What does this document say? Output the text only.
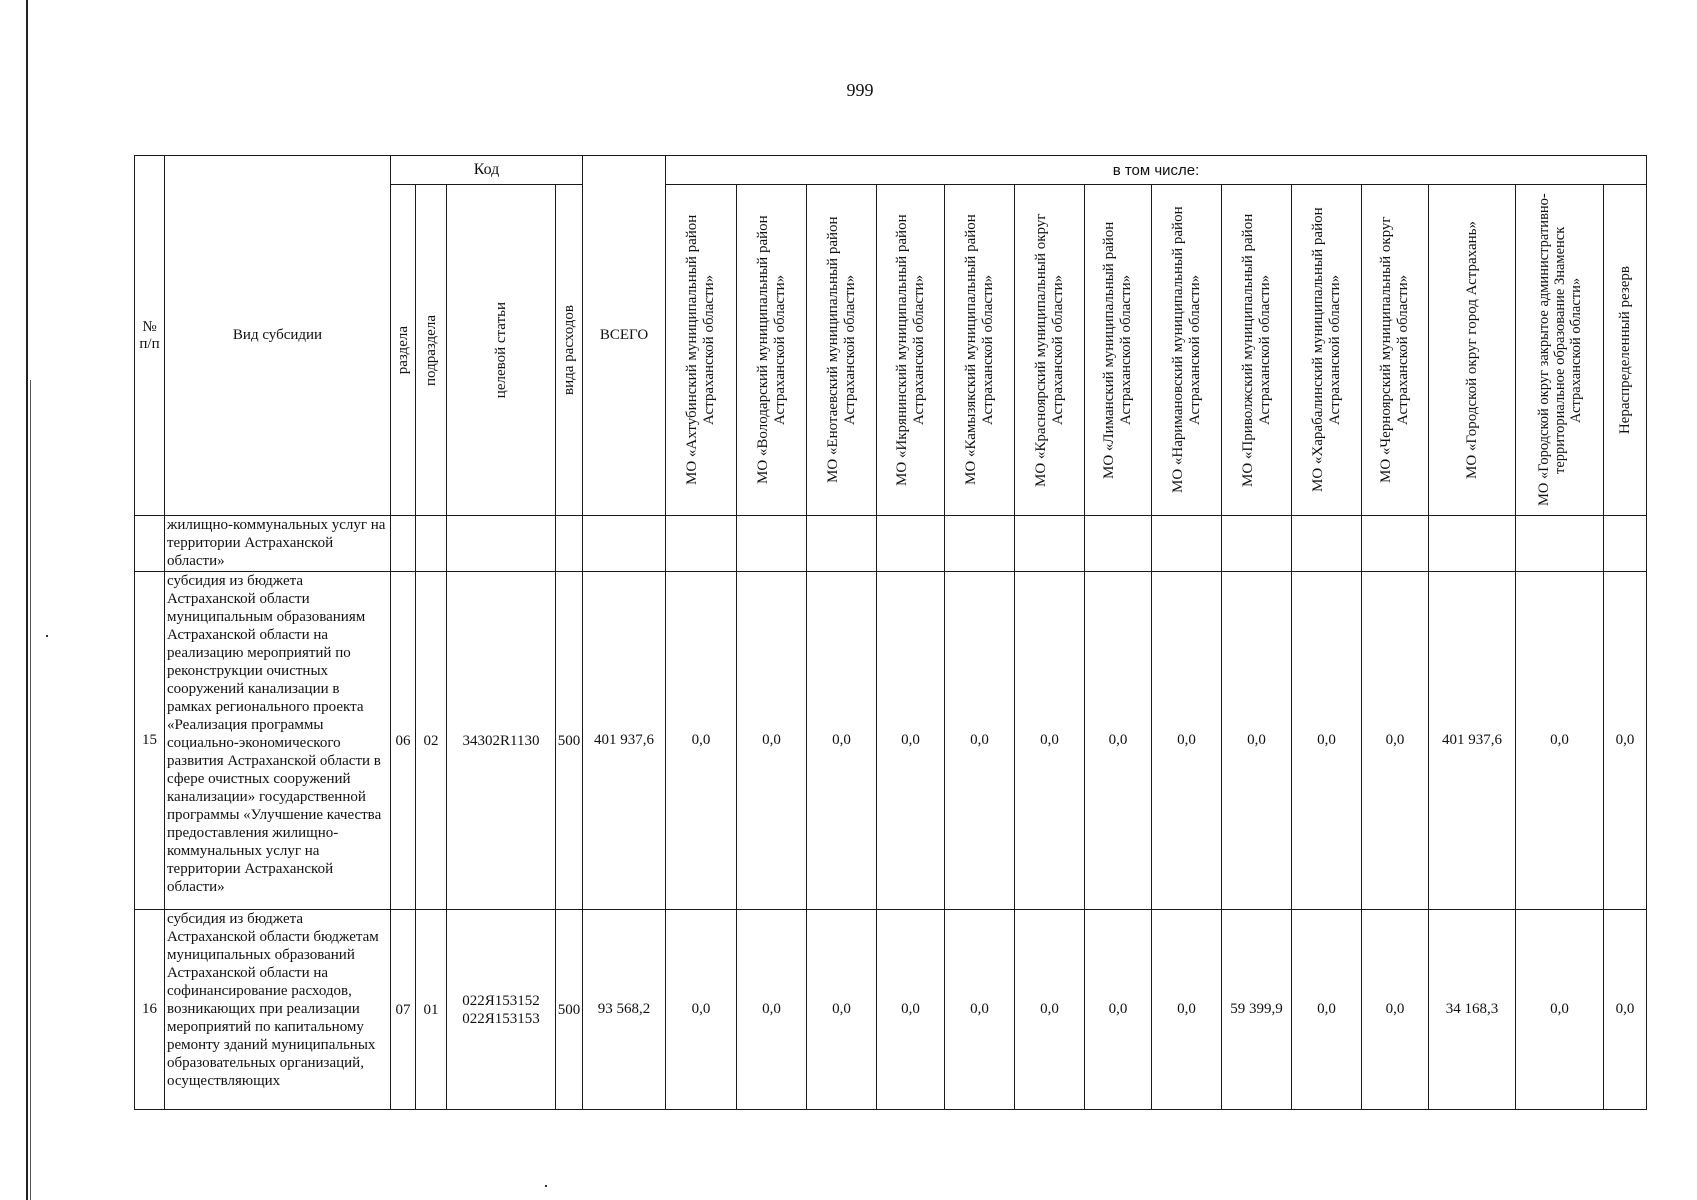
999
№ п/п	Вид субсидии	Код				ВСЕГО	в том числе:													

		раздела	подраздела	целевой статьи	вида расходов		МО «Ахтубинский муниципальный район Астраханской области»	МО «Володарский муниципальный район Астраханской области»	МО «Енотаевский муниципальный район Астраханской области»	МО «Икрянинский муниципальный район Астраханской области»	МО «Камызякский муниципальный район Астраханской области»	МО «Красноярский муниципальный округ Астраханской области»	МО «Лиманский муниципальный район Астраханской области»	МО «Наримановский муниципальный район Астраханской области»	МО «Приволжский муниципальный район Астраханской области»	МО «Харабалинский муниципальный район Астраханской области»	МО «Черноярский муниципальный округ Астраханской области»	МО «Городской округ город Астрахань»	МО «Городской округ закрытое административно-территориальное образование Знаменск Астраханской области»	Нераспределенный резерв

	жилищно-коммунальных услуг на территории Астраханской области»																			
15	субсидия из бюджета Астраханской области муниципальным образованиям Астраханской области на реализацию мероприятий по реконструкции очистных сооружений канализации в рамках регионального проекта «Реализация программы социально-экономического развития Астраханской области в сфере очистных сооружений канализации» государственной программы «Улучшение качества предоставления жилищно-коммунальных услуг на территории Астраханской области»	06	02	34302R1130	500	401 937,6	0,0	0,0	0,0	0,0	0,0	0,0	0,0	0,0	0,0	0,0	0,0	401 937,6	0,0	0,0
16	субсидия из бюджета Астраханской области бюджетам муниципальных образований Астраханской области на софинансирование расходов, возникающих при реализации мероприятий по капитальному ремонту зданий муниципальных образовательных организаций, осуществляющих	07	01	022Я153152 022Я153153	500	93 568,2	0,0	0,0	0,0	0,0	0,0	0,0	0,0	0,0	59 399,9	0,0	0,0	34 168,3	0,0	0,0
